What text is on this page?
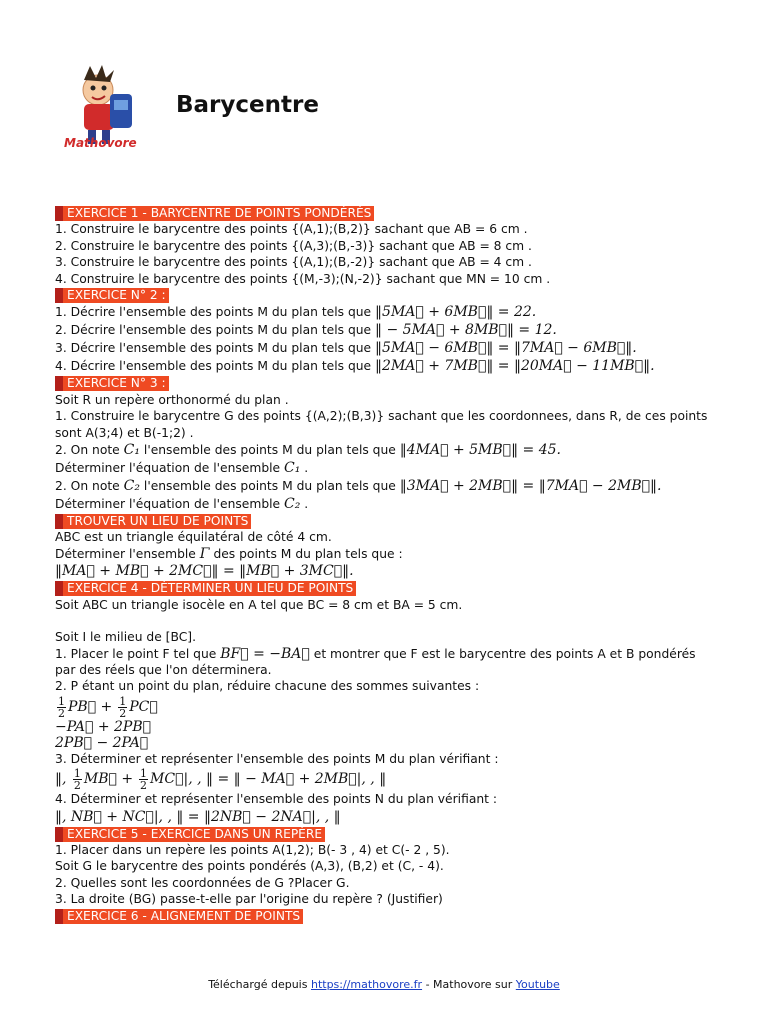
Mathovore
Barycentre
EXERCICE 1 - BARYCENTRE DE POINTS PONDÉRÉS
1. Construire le barycentre des points {(A,1);(B,2)} sachant que AB = 6 cm .
2. Construire le barycentre des points {(A,3);(B,-3)} sachant que AB = 8 cm .
3. Construire le barycentre des points {(A,1);(B,-2)} sachant que AB = 4 cm .
4. Construire le barycentre des points {(M,-3);(N,-2)} sachant que MN = 10 cm .
EXERCICE N° 2 :
1. Décrire l'ensemble des points M du plan tels que ‖5MA⃗ + 6MB⃗‖ = 22.
2. Décrire l'ensemble des points M du plan tels que ‖ − 5MA⃗ + 8MB⃗‖ = 12.
3. Décrire l'ensemble des points M du plan tels que ‖5MA⃗ − 6MB⃗‖ = ‖7MA⃗ − 6MB⃗‖.
4. Décrire l'ensemble des points M du plan tels que ‖2MA⃗ + 7MB⃗‖ = ‖20MA⃗ − 11MB⃗‖.
EXERCICE N° 3 :
Soit R un repère orthonormé du plan .
1. Construire le barycentre G des points {(A,2);(B,3)} sachant que les coordonnees, dans R, de ces points sont A(3;4) et B(-1;2) .
2. On note C₁ l'ensemble des points M du plan tels que ‖4MA⃗ + 5MB⃗‖ = 45.
Déterminer l'équation de l'ensemble C₁ .
2. On note C₂ l'ensemble des points M du plan tels que ‖3MA⃗ + 2MB⃗‖ = ‖7MA⃗ − 2MB⃗‖.
Déterminer l'équation de l'ensemble C₂ .
TROUVER UN LIEU DE POINTS
ABC est un triangle équilatéral de côté 4 cm.
Déterminer l'ensemble Γ des points M du plan tels que :
‖MA⃗ + MB⃗ + 2MC⃗‖ = ‖MB⃗ + 3MC⃗‖.
EXERCICE 4 - DÉTERMINER UN LIEU DE POINTS
Soit ABC un triangle isocèle en A tel que BC = 8 cm et BA = 5 cm.
Soit I le milieu de [BC].
1. Placer le point F tel que BF⃗ = −BA⃗ et montrer que F est le barycentre des points A et B pondérés par des réels que l'on déterminera.
2. P étant un point du plan, réduire chacune des sommes suivantes :
$\frac{1}{2}$ PB⃗ + $\frac{1}{2}$ PC⃗
−PA⃗ + 2PB⃗
2PB⃗ − 2PA⃗
3. Déterminer et représenter l'ensemble des points M du plan vérifiant :
‖, $\frac{1}{2}$ MB⃗ + $\frac{1}{2}$ MC⃗|, , ‖ = ‖ − MA⃗ + 2MB⃗|, , ‖
4. Déterminer et représenter l'ensemble des points N du plan vérifiant :
‖, NB⃗ + NC⃗|, , ‖ = ‖2NB⃗ − 2NA⃗|, , ‖
EXERCICE 5 - EXERCICE DANS UN REPÈRE
1. Placer dans un repère les points A(1,2); B(- 3 , 4) et C(- 2 , 5).
Soit G le barycentre des points pondérés (A,3), (B,2) et (C, - 4).
2. Quelles sont les coordonnées de G ?Placer G.
3. La droite (BG) passe-t-elle par l'origine du repère ? (Justifier)
EXERCICE 6 - ALIGNEMENT DE POINTS
Téléchargé depuis https://mathovore.fr - Mathovore sur Youtube
